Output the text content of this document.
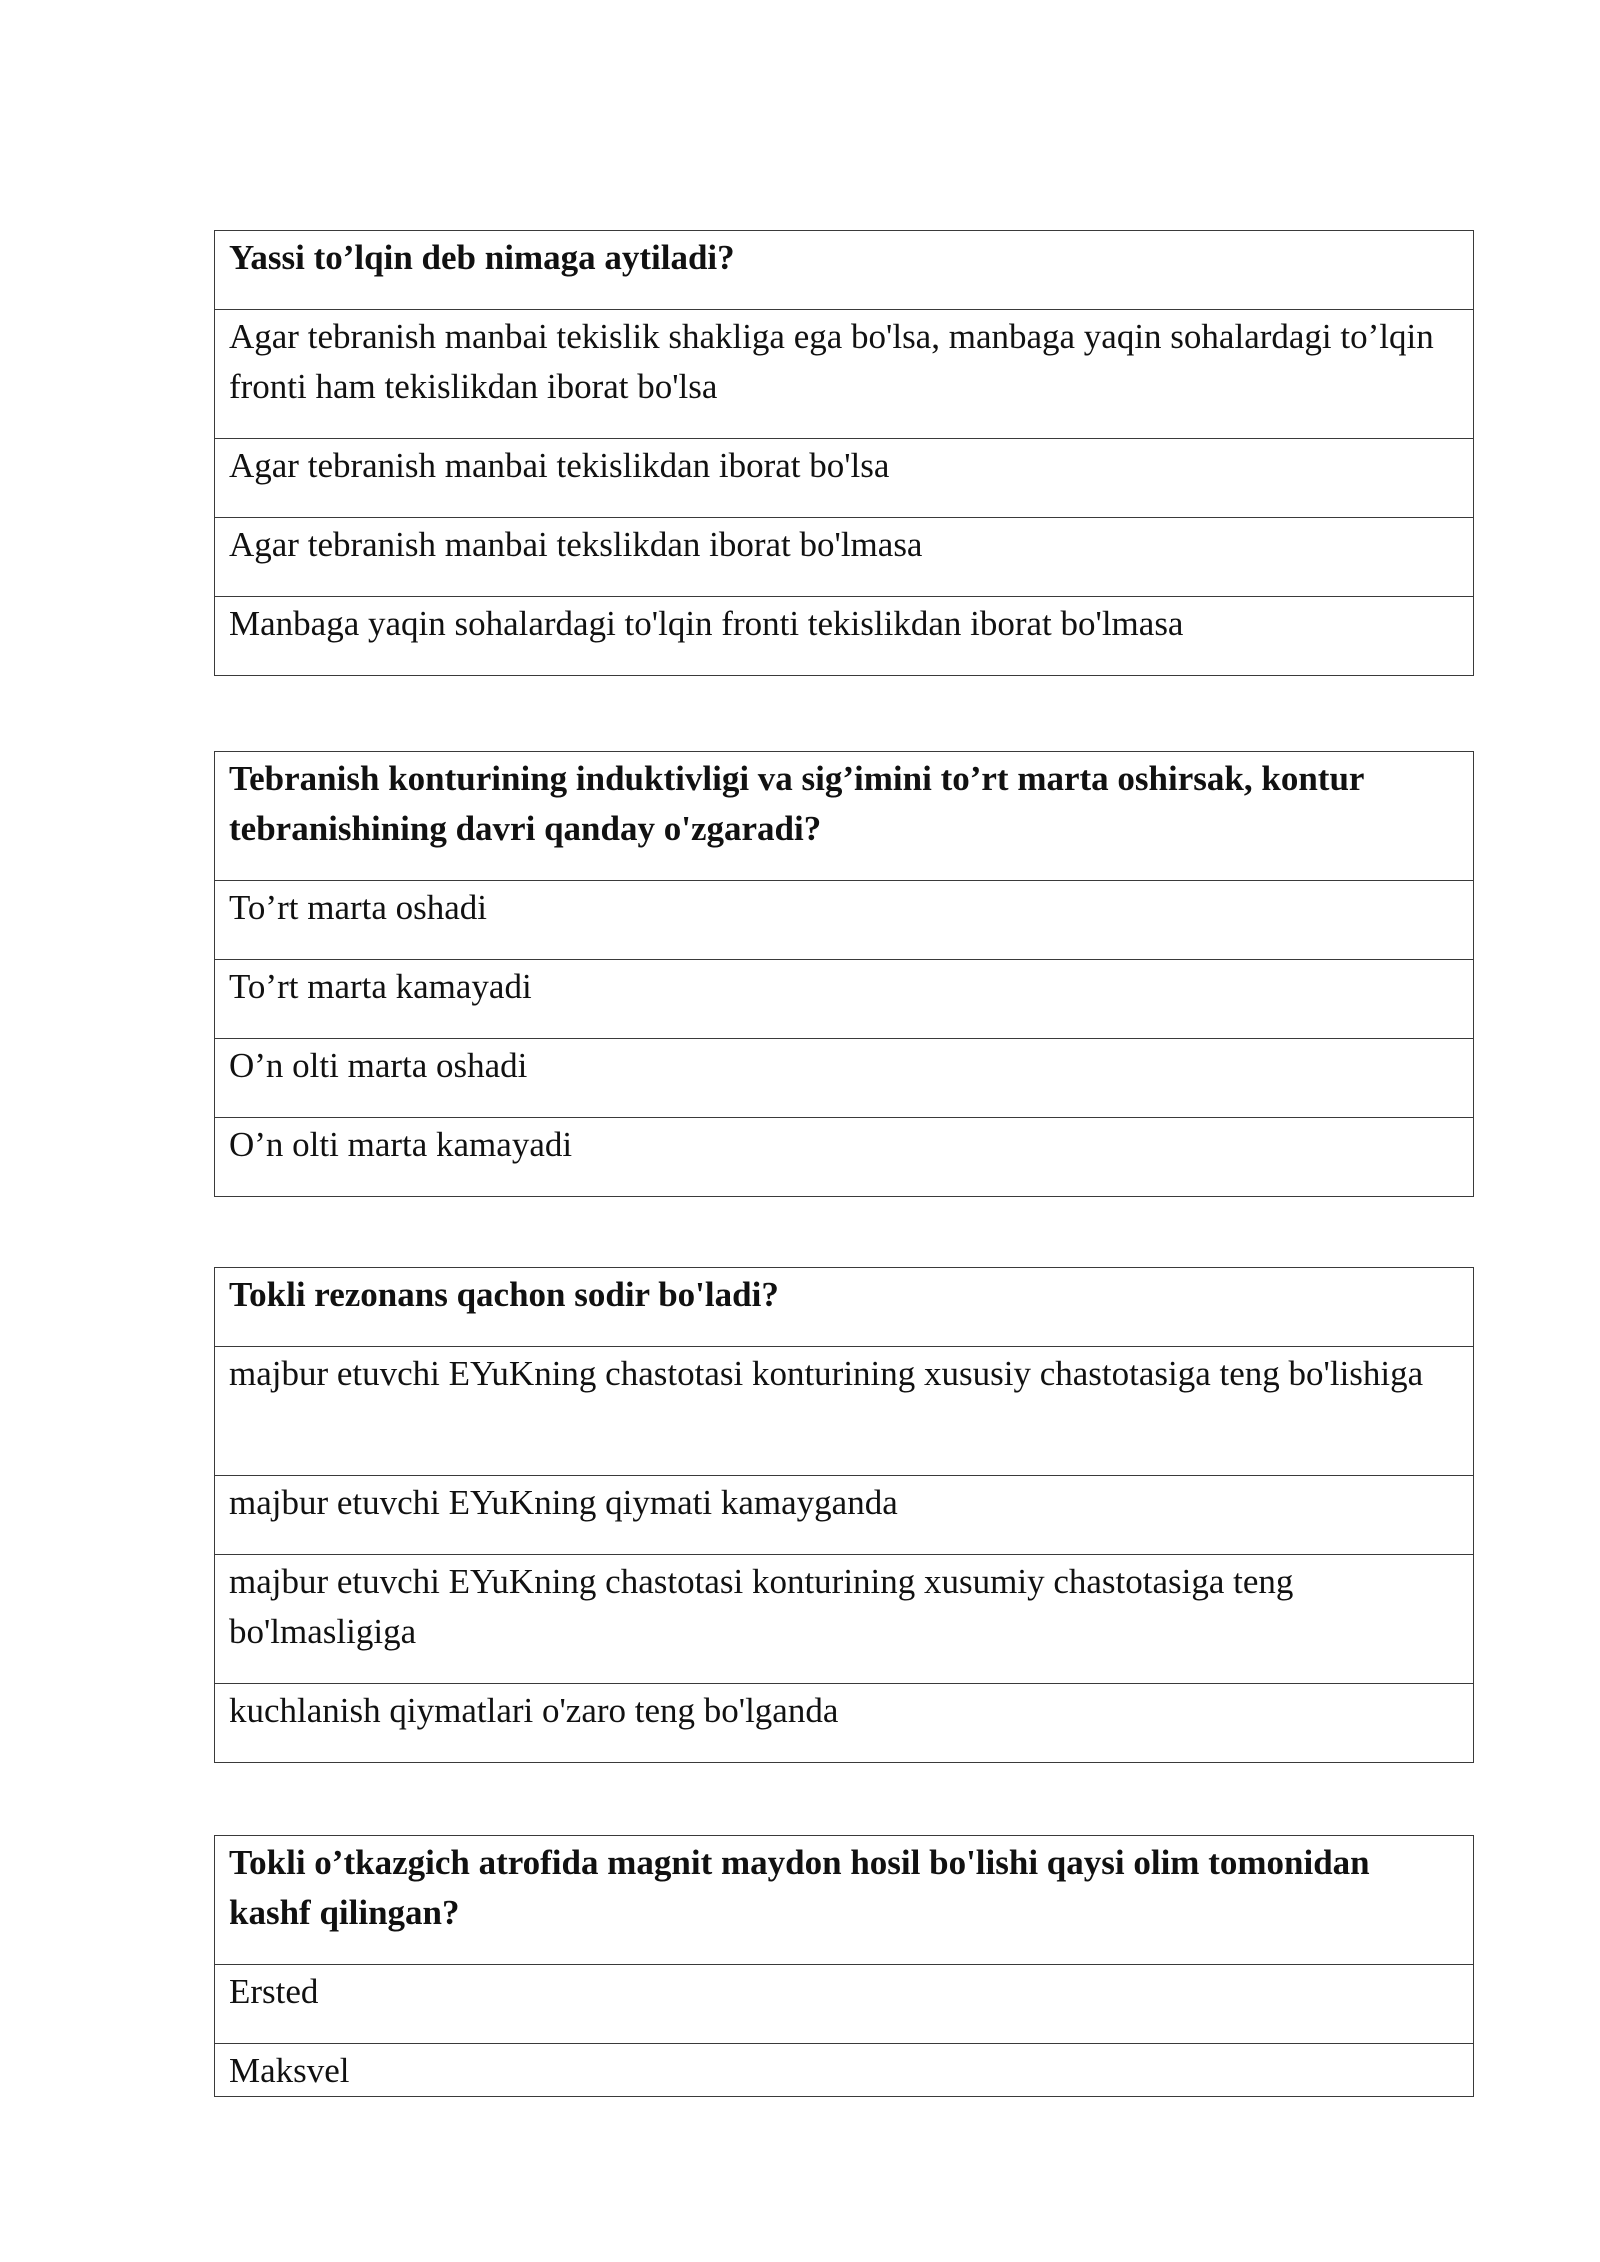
Yassi to’lqin deb nimaga aytiladi?
Agar tebranish manbai tekislik shakliga ega bo'lsa, manbaga yaqin sohalardagi to’lqin fronti ham tekislikdan iborat bo'lsa
Agar tebranish manbai tekislikdan iborat bo'lsa
Agar tebranish manbai tekslikdan iborat bo'lmasa
Manbaga yaqin sohalardagi to'lqin fronti tekislikdan iborat bo'lmasa
Tebranish konturining induktivligi va sig’imini to’rt marta oshirsak, kontur tebranishining davri qanday o'zgaradi?
To’rt marta oshadi
To’rt marta kamayadi
O’n olti marta oshadi
O’n olti marta kamayadi
Tokli rezonans qachon sodir bo'ladi?
majbur etuvchi EYuKning chastotasi konturining xususiy chastotasiga teng bo'lishiga
majbur etuvchi EYuKning qiymati kamayganda
majbur etuvchi EYuKning chastotasi konturining xusumiy chastotasiga teng bo'lmasligiga
kuchlanish qiymatlari o'zaro teng bo'lganda
Tokli o’tkazgich atrofida magnit maydon hosil bo'lishi qaysi olim tomonidan kashf qilingan?
Ersted
Maksvel
